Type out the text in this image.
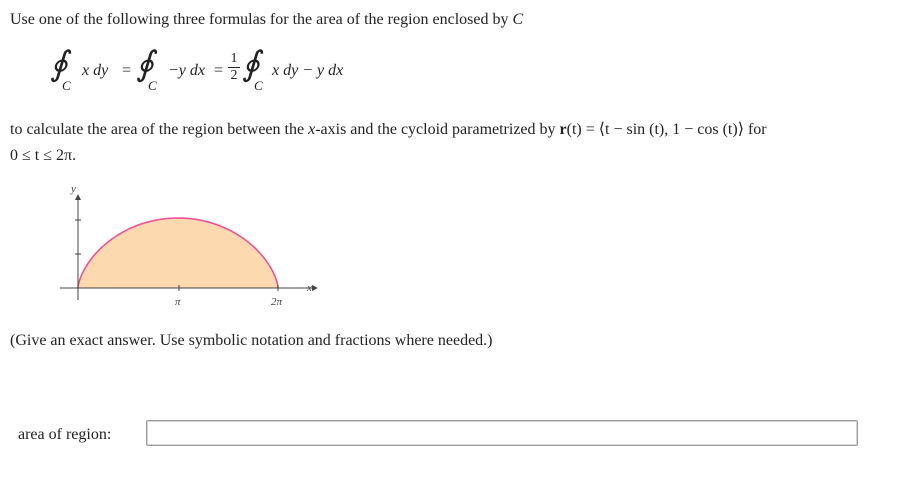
Use one of the following three formulas for the area of the region enclosed by C
∮
C
x dy = ∮
C
−y dx =
1
2 ∮
C
x dy − y dx
to calculate the area of the region between the x-axis and the cycloid parametrized by r(t) = ⟨t − sin (t), 1 − cos (t)⟩ for
0 ≤ t ≤ 2π.
y
x
π	2π
(Give an exact answer. Use symbolic notation and fractions where needed.)
area of region:
